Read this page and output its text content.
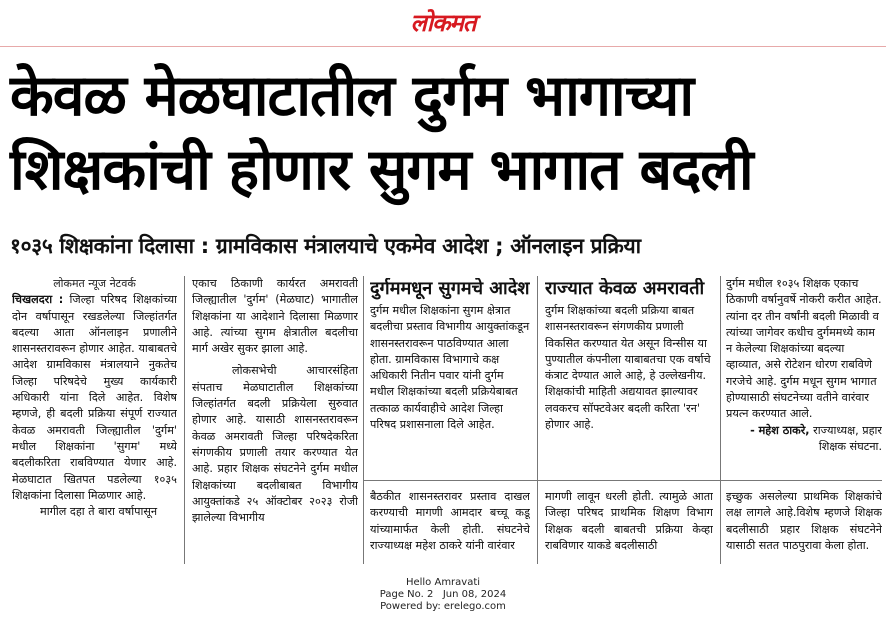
लोकमत
केवळ मेळघाटातील दुर्गम भागाच्या
शिक्षकांची होणार सुगम भागात बदली
१०३५ शिक्षकांना दिलासा : ग्रामविकास मंत्रालयाचे एकमेव आदेश ; ऑनलाइन प्रक्रिया

लोकमत न्यूज नेटवर्क

चिखलदरा : जिल्हा परिषद शिक्षकांच्या दोन वर्षापासून रखडलेल्या जिल्हांतर्गत बदल्या आता ऑनलाइन प्रणालीने शासनस्तरावरून होणार आहेत. याबाबतचे आदेश ग्रामविकास मंत्रालयाने नुकतेच जिल्हा परिषदेचे मुख्य कार्यकारी अधिकारी यांना दिले आहेत. विशेष म्हणजे, ही बदली प्रक्रिया संपूर्ण राज्यात केवळ अमरावती जिल्ह्यातील 'दुर्गम' मधील शिक्षकांना 'सुगम' मध्ये बदलीकरिता राबविण्यात येणार आहे. मेळघाटात खितपत पडलेल्या १०३५ शिक्षकांना दिलासा मिळणार आहे.

मागील दहा ते बारा वर्षापासून

एकाच ठिकाणी कार्यरत अमरावती जिल्ह्यातील 'दुर्गम' (मेळघाट) भागातील शिक्षकांना या आदेशाने दिलासा मिळणार आहे. त्यांच्या सुगम क्षेत्रातील बदलीचा मार्ग अखेर सुकर झाला आहे.

लोकसभेची आचारसंहिता संपताच मेळघाटातील शिक्षकांच्या जिल्हांतर्गत बदली प्रक्रियेला सुरुवात होणार आहे. यासाठी शासनस्तरावरून केवळ अमरावती जिल्हा परिषदेकरिता संगणकीय प्रणाली तयार करण्यात येत आहे. प्रहार शिक्षक संघटनेने दुर्गम मधील शिक्षकांच्या बदलीबाबत विभागीय आयुक्तांकडे २५ ऑक्टोबर २०२३ रोजी झालेल्या विभागीय

दुर्गममधून सुगमचे आदेश

दुर्गम मधील शिक्षकांना सुगम क्षेत्रात बदलीचा प्रस्ताव विभागीय आयुक्तांकडून शासनस्तरावरून पाठविण्यात आला होता. ग्रामविकास विभागाचे कक्ष अधिकारी नितीन पवार यांनी दुर्गम मधील शिक्षकांच्या बदली प्रक्रियेबाबत तत्काळ कार्यवाहीचे आदेश जिल्हा परिषद प्रशासनाला दिले आहेत.

राज्यात केवळ अमरावती

दुर्गम शिक्षकांच्या बदली प्रक्रिया बाबत शासनस्तरावरून संगणकीय प्रणाली विकसित करण्यात येत असून विन्सीस या पुण्यातील कंपनीला याबाबतचा एक वर्षाचे कंत्राट देण्यात आले आहे, हे उल्लेखनीय. शिक्षकांची माहिती अद्ययावत झाल्यावर लवकरच सॉफ्टवेअर बदली करिता 'रन' होणार आहे.

दुर्गम मधील १०३५ शिक्षक एकाच ठिकाणी वर्षानुवर्षे नोकरी करीत आहेत. त्यांना दर तीन वर्षांनी बदली मिळावी व त्यांच्या जागेवर कधीच दुर्गममध्ये काम न केलेल्या शिक्षकांच्या बदल्या व्हाव्यात, असे रोटेशन धोरण राबविणे गरजेचे आहे. दुर्गम मधून सुगम भागात होण्यासाठी संघटनेच्या वतीने वारंवार प्रयत्न करण्यात आले.

- महेश ठाकरे, राज्याध्यक्ष, प्रहार शिक्षक संघटना.

बैठकीत शासनस्तरावर प्रस्ताव दाखल करण्याची मागणी आमदार बच्चू कडू यांच्यामार्फत केली होती. संघटनेचे राज्याध्यक्ष महेश ठाकरे यांनी वारंवार
मागणी लावून धरली होती. त्यामुळे आता जिल्हा परिषद प्राथमिक शिक्षण विभाग शिक्षक बदली बाबतची प्रक्रिया केव्हा राबविणार याकडे बदलीसाठी
इच्छुक असलेल्या प्राथमिक शिक्षकांचे लक्ष लागले आहे.विशेष म्हणजे शिक्षक बदलीसाठी प्रहार शिक्षक संघटनेने यासाठी सतत पाठपुरावा केला होता.
Hello Amravati
Page No. 2 Jun 08, 2024
Powered by: erelego.com
